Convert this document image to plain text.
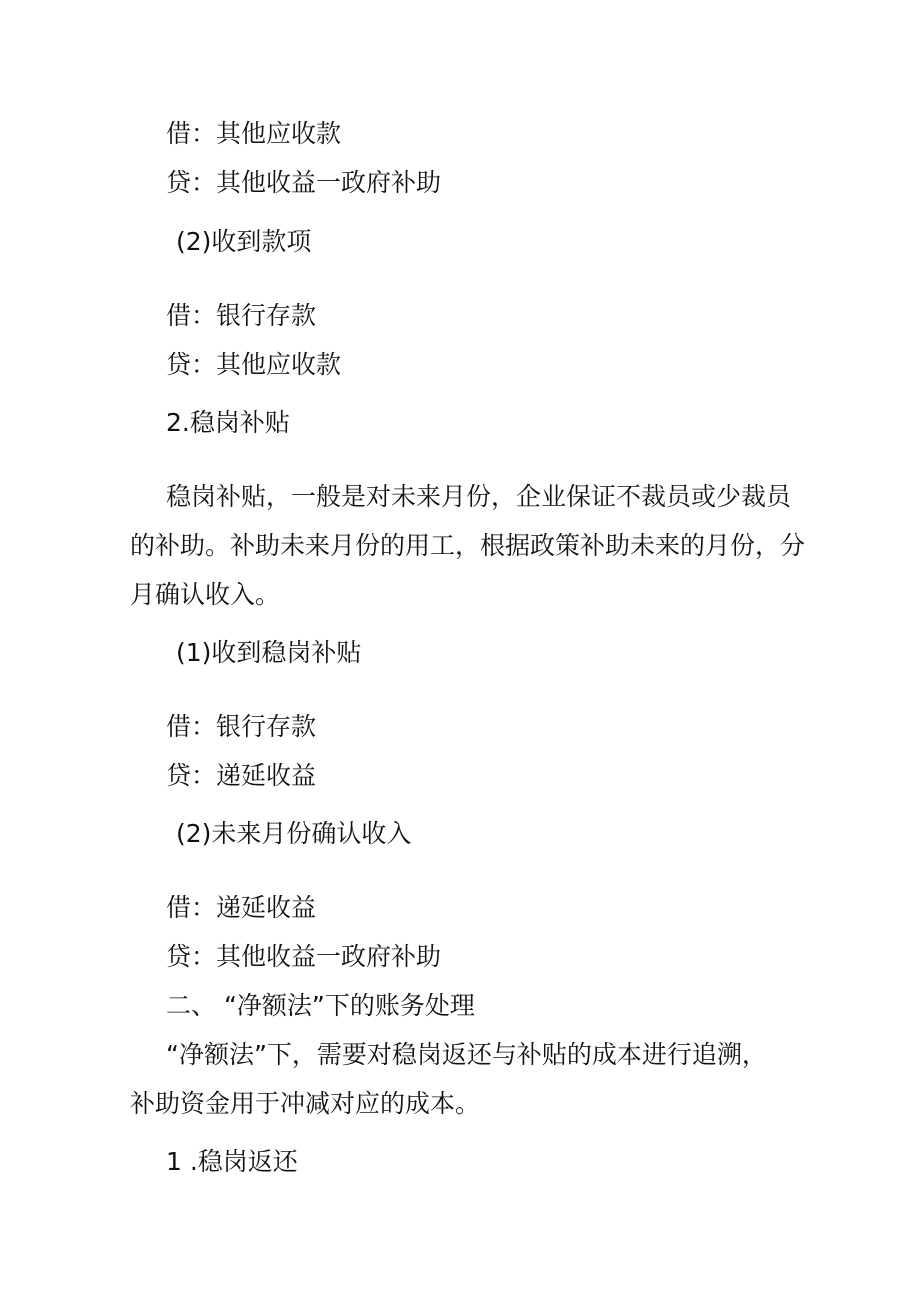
借：其他应收款
贷：其他收益一政府补助
(2)收到款项
借：银行存款
贷：其他应收款
2.稳岗补贴
稳岗补贴，一般是对未来月份，企业保证不裁员或少裁员
的补助。补助未来月份的用工，根据政策补助未来的月份，分
月确认收入。
(1)收到稳岗补贴
借：银行存款
贷：递延收益
(2)未来月份确认收入
借：递延收益
贷：其他收益一政府补助
二、 “净额法”下的账务处理
“净额法”下，需要对稳岗返还与补贴的成本进行追溯，
补助资金用于冲减对应的成本。
1 .稳岗返还
